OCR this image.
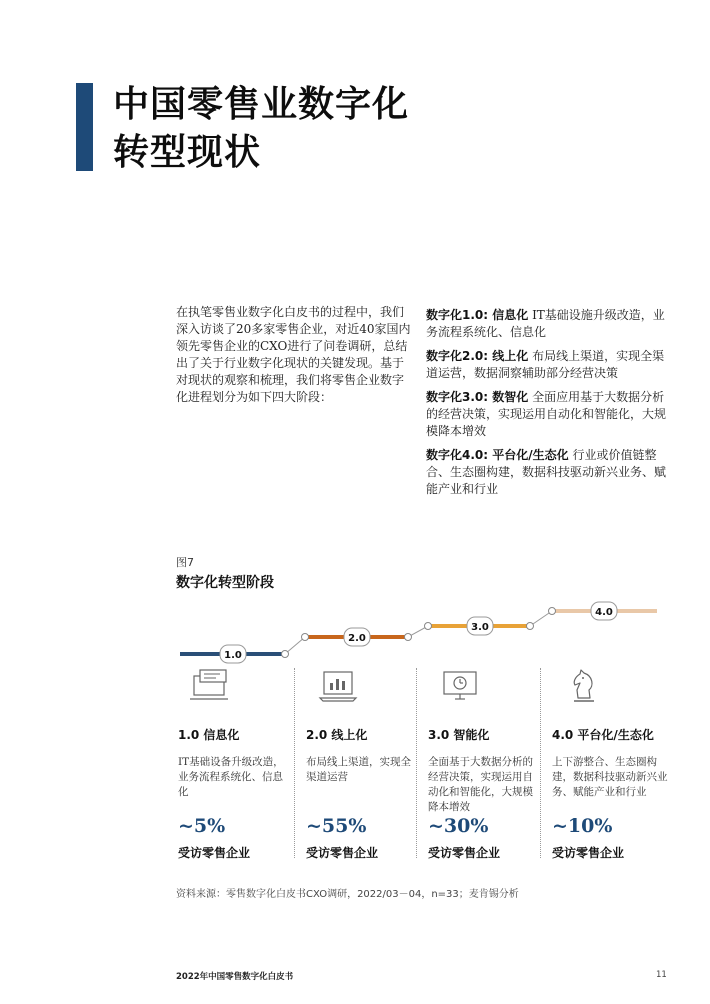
中国零售业数字化
转型现状

在执笔零售业数字化白皮书的过程中，我们深入访谈了20多家零售企业，对近40家国内领先零售企业的CXO进行了问卷调研，总结出了关于行业数字化现状的关键发现。基于对现状的观察和梳理，我们将零售企业数字化进程划分为如下四大阶段：

数字化1.0: 信息化 IT基础设施升级改造，业务流程系统化、信息化

数字化2.0: 线上化 布局线上渠道，实现全渠道运营，数据洞察辅助部分经营决策

数字化3.0: 数智化 全面应用基于大数据分析的经营决策，实现运用自动化和智能化，大规模降本增效

数字化4.0: 平台化/生态化 行业或价值链整合、生态圈构建，数据科技驱动新兴业务、赋能产业和行业

图7
数字化转型阶段
1.0
2.0
3.0
4.0
1.0 信息化
IT基础设备升级改造，业务流程系统化、信息化
~5%
受访零售企业
2.0 线上化
布局线上渠道，实现全渠道运营
~55%
受访零售企业
3.0 智能化
全面基于大数据分析的经营决策，实现运用自动化和智能化，大规模降本增效
~30%
受访零售企业
4.0 平台化/生态化
上下游整合、生态圈构建，数据科技驱动新兴业务、赋能产业和行业
~10%
受访零售企业
资料来源：零售数字化白皮书CXO调研，2022/03－04，n=33；麦肯锡分析
2022年中国零售数字化白皮书	11
